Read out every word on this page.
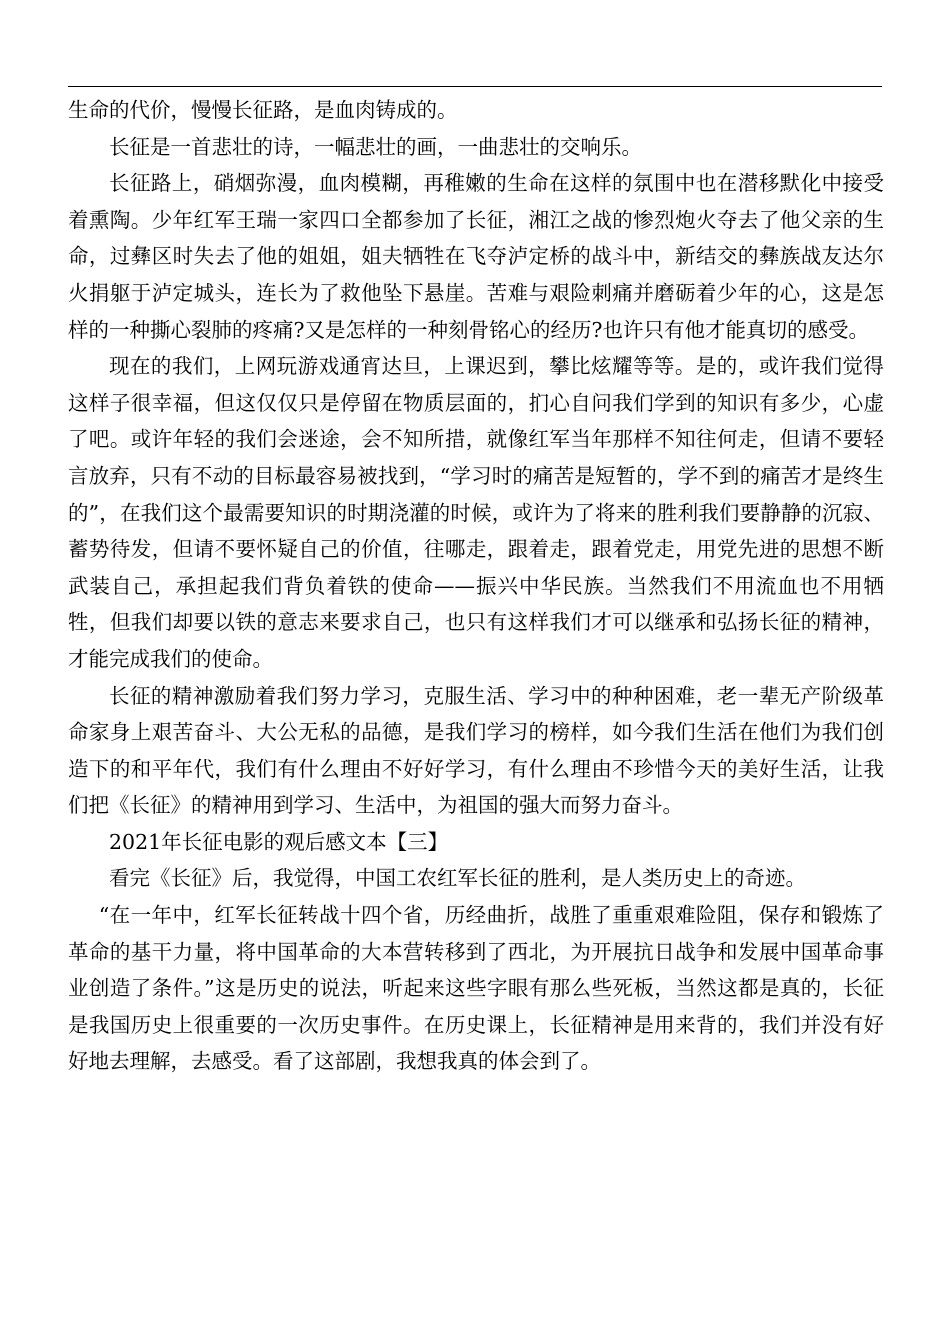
生命的代价，慢慢长征路，是血肉铸成的。

长征是一首悲壮的诗，一幅悲壮的画，一曲悲壮的交响乐。

长征路上，硝烟弥漫，血肉模糊，再稚嫩的生命在这样的氛围中也在潜移默化中接受着熏陶。少年红军王瑞一家四口全都参加了长征，湘江之战的惨烈炮火夺去了他父亲的生命，过彝区时失去了他的姐姐，姐夫牺牲在飞夺泸定桥的战斗中，新结交的彝族战友达尔火捐躯于泸定城头，连长为了救他坠下悬崖。苦难与艰险刺痛并磨砺着少年的心，这是怎样的一种撕心裂肺的疼痛?又是怎样的一种刻骨铭心的经历?也许只有他才能真切的感受。

现在的我们，上网玩游戏通宵达旦，上课迟到，攀比炫耀等等。是的，或许我们觉得这样子很幸福，但这仅仅只是停留在物质层面的，扪心自问我们学到的知识有多少，心虚了吧。或许年轻的我们会迷途，会不知所措，就像红军当年那样不知往何走，但请不要轻言放弃，只有不动的目标最容易被找到，“学习时的痛苦是短暂的，学不到的痛苦才是终生的”，在我们这个最需要知识的时期浇灌的时候，或许为了将来的胜利我们要静静的沉寂、蓄势待发，但请不要怀疑自己的价值，往哪走，跟着走，跟着党走，用党先进的思想不断武装自己，承担起我们背负着铁的使命——振兴中华民族。当然我们不用流血也不用牺牲，但我们却要以铁的意志来要求自己，也只有这样我们才可以继承和弘扬长征的精神，才能完成我们的使命。

长征的精神激励着我们努力学习，克服生活、学习中的种种困难，老一辈无产阶级革命家身上艰苦奋斗、大公无私的品德，是我们学习的榜样，如今我们生活在他们为我们创造下的和平年代，我们有什么理由不好好学习，有什么理由不珍惜今天的美好生活，让我们把《长征》的精神用到学习、生活中，为祖国的强大而努力奋斗。

2021年长征电影的观后感文本【三】

看完《长征》后，我觉得，中国工农红军长征的胜利，是人类历史上的奇迹。

“在一年中，红军长征转战十四个省，历经曲折，战胜了重重艰难险阻，保存和锻炼了革命的基干力量，将中国革命的大本营转移到了西北，为开展抗日战争和发展中国革命事业创造了条件。”这是历史的说法，听起来这些字眼有那么些死板，当然这都是真的，长征是我国历史上很重要的一次历史事件。在历史课上，长征精神是用来背的，我们并没有好好地去理解，去感受。看了这部剧，我想我真的体会到了。
